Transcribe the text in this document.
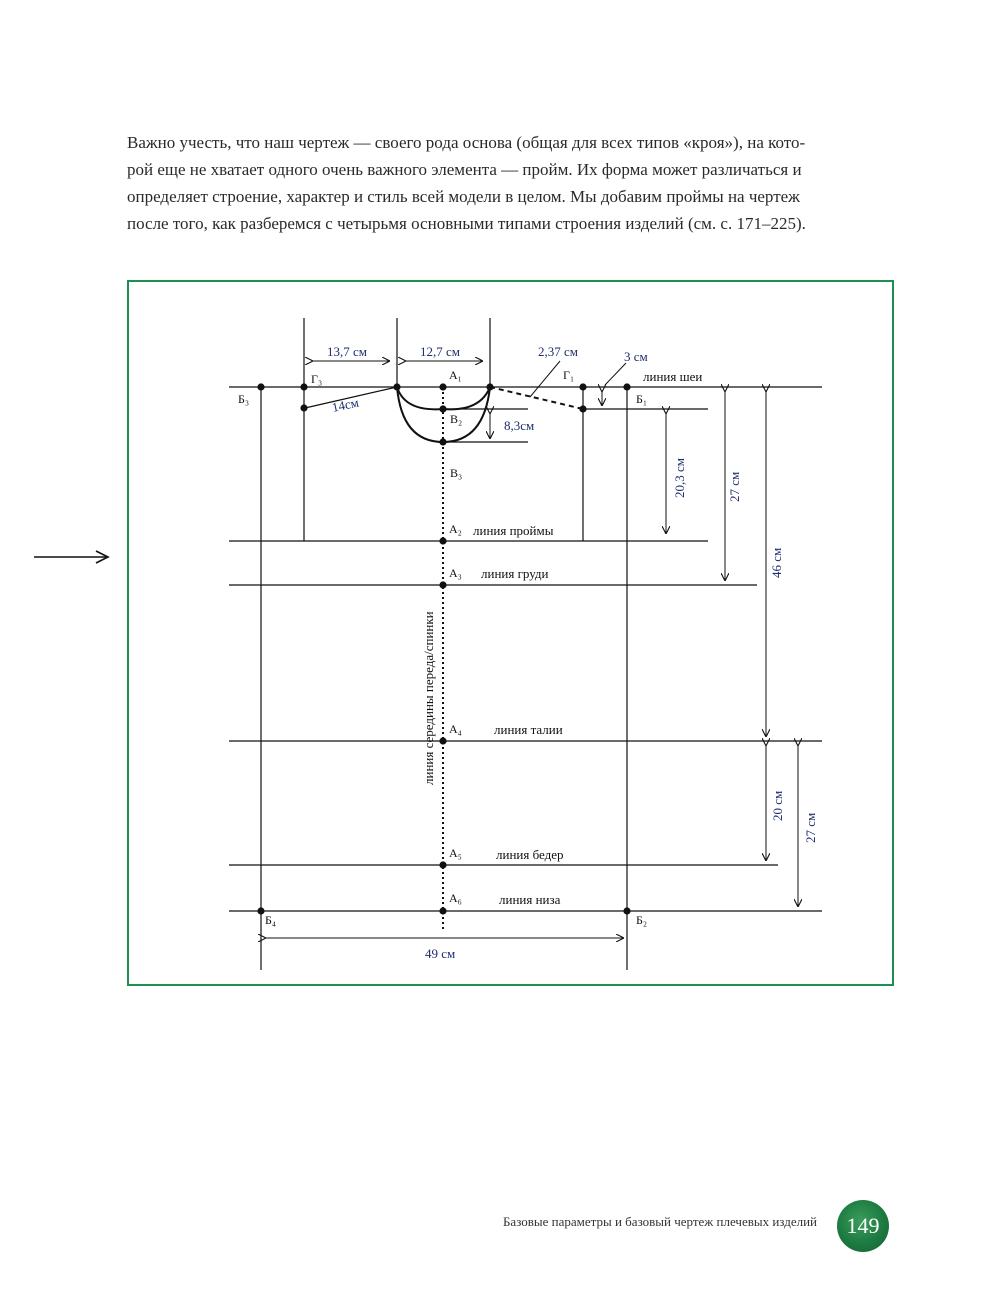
Важно учесть, что наш чертеж — своего рода основа (общая для всех типов «кроя»), на кото-
рой еще не хватает одного очень важного элемента — пройм. Их форма может различаться и
определяет строение, характер и стиль всей модели в целом. Мы добавим проймы на чертеж
после того, как разберемся с четырьмя основными типами строения изделий (см. с. 171–225).
линия шеи
линия проймы
линия груди
линия талии
линия бедер
линия низа
линия середины переда/спинки
А₁
А₂
А₃
А₄
А₅
А₆
Б₁
Б₂
Б₃
Б₄
В₂
В₃
Г₁
Г₃
13,7 см	12,7 см	2,37 см	3 см
14см
8,3см
20,3 см	27 см
46 см
20 см
27 см
49 см
Базовые параметры и базовый чертеж плечевых изделий	149
